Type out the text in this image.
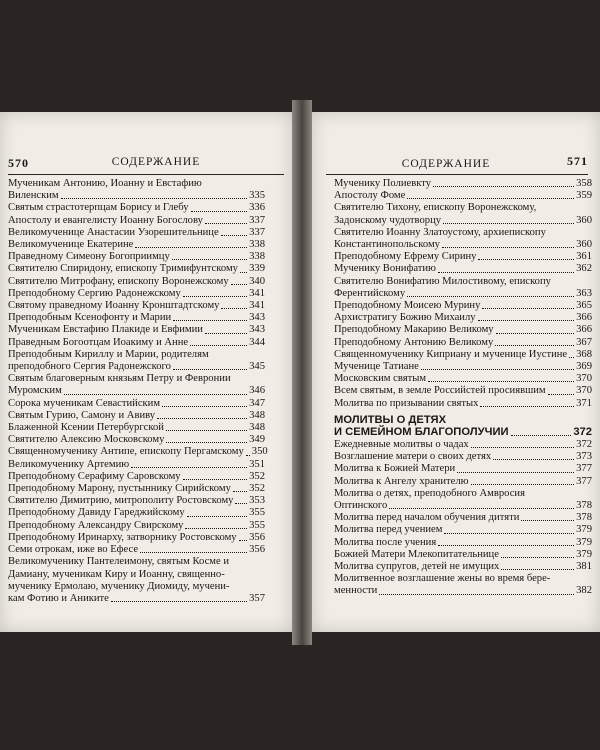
570	СОДЕРЖАНИЕ
Мученикам Антонию, Иоанну и Евстафию
Виленским	335
Святым страстотерпцам Борису и Глебу	336
Апостолу и евангелисту Иоанну Богослову	337
Великомученице Анастасии Узорешительнице	337
Великомученице Екатерине	338
Праведному Симеону Богоприимцу	338
Святителю Спиридону, епископу Тримифунтскому 339
Святителю Митрофану, епископу Воронежскому 340
Преподобному Сергию Радонежскому	341
Святому праведному Иоанну Кронштадтскому	341
Преподобным Ксенофонту и Марии	343
Мученикам Евстафию Плакиде и Евфимии	343
Праведным Богоотцам Иоакиму и Анне	344
Преподобным Кириллу и Марии, родителям
преподобного Сергия Радонежского	345
Святым благоверным князьям Петру и Февронии
Муромским	346
Сорока мученикам Севастийским	347
Святым Гурию, Самону и Авиву	348
Блаженной Ксении Петербургской	348
Святителю Алексию Московскому	349
Священномученику Антипе, епископу Пергамскому 350
Великомученику Артемию	351
Преподобному Серафиму Саровскому	352
Преподобному Марону, пустыннику Сирийскому 352
Святителю Димитрию, митрополиту Ростовскому 353
Преподобному Давиду Гареджийскому	355
Преподобному Александру Свирскому	355
Преподобному Иринарху, затворнику Ростовскому 356
Семи отрокам, иже во Ефесе	356
Великомученику Пантелеимону, святым Косме и
Дамиану, мученикам Киру и Иоанну, священно-
мученику Ермолаю, мученику Диомиду, мучени-
кам Фотию и Аниките	357
СОДЕРЖАНИЕ	571
Мученику Полиевкту	358
Апостолу Фоме	359
Святителю Тихону, епископу Воронежскому,
Задонскому чудотворцу	360
Святителю Иоанну Златоустому, архиепископу
Константинопольскому	360
Преподобному Ефрему Сирину	361
Мученику Вонифатию	362
Святителю Вонифатию Милостивому, епископу
Ферентийскому	363
Преподобному Моисею Мурину	365
Архистратигу Божию Михаилу	366
Преподобному Макарию Великому	366
Преподобному Антонию Великому	367
Священномученику Киприану и мученице Иустине 368
Мученице Татиане	369
Московским святым	370
Всем святым, в земле Российстей просиявшим	370
Молитва по призывании святых	371
МОЛИТВЫ О ДЕТЯХ
И СЕМЕЙНОМ БЛАГОПОЛУЧИИ	372
Ежедневные молитвы о чадах	372
Возглашение матери о своих детях	373
Молитва к Божией Матери	377
Молитва к Ангелу хранителю	377
Молитва о детях, преподобного Амвросия
Оптинского	378
Молитва перед началом обучения дитяти	378
Молитва перед учением	379
Молитва после учения	379
Божией Матери Млекопитательнице	379
Молитва супругов, детей не имущих	381
Молитвенное возглашение жены во время бере-
менности	382
